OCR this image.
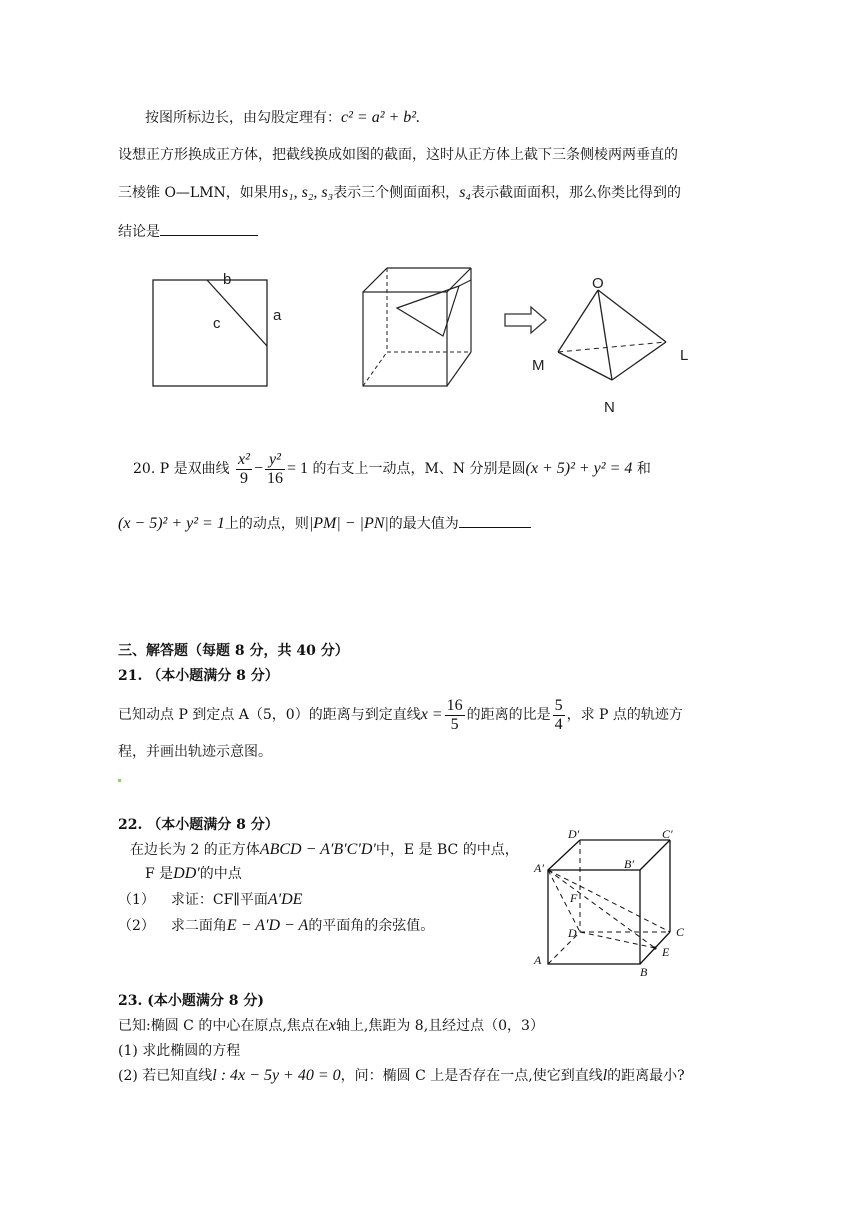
按图所标边长，由勾股定理有：c² = a² + b².
设想正方形换成正方体，把截线换成如图的截面，这时从正方体上截下三条侧棱两两垂直的
三棱锥 O—LMN，如果用s₁, s₂, s₃表示三个侧面面积，s₄表示截面面积，那么你类比得到的
结论是
b
c	a
O
M
L
N
20. P 是双曲线 $\frac{\text{x²}}{9} - \frac{\text{y²}}{16} = 1$ 的右支上一动点，M、N 分别是圆(x + 5)² + y² = 4 和
(x − 5)² + y² = 1上的动点，则|PM| − |PN|的最大值为
三、解答题（每题 8 分，共 40 分）
21. （本小题满分 8 分）
已知动点 P 到定点 A（5，0）的距离与到定直线$x = \frac{16}{5}$ 的距离的比是 $\frac{5}{4}$ ，求 P 点的轨迹方
程，并画出轨迹示意图。
22. （本小题满分 8 分）
在边长为 2 的正方体ABCD − A′B′C′D′中，E 是 BC 的中点，
F 是DD′的中点
（1） 求证：CF∥平面A′DE
（2） 求二面角E − A′D − A的平面角的余弦值。
D′	C′
A′	B′
F
D	C
E
A
B
23. (本小题满分 8 分)
已知:椭圆 C 的中心在原点,焦点在x轴上,焦距为 8,且经过点（0，3）
(1) 求此椭圆的方程
(2) 若已知直线l : 4x − 5y + 40 = 0，问：椭圆 C 上是否存在一点,使它到直线l的距离最小?
